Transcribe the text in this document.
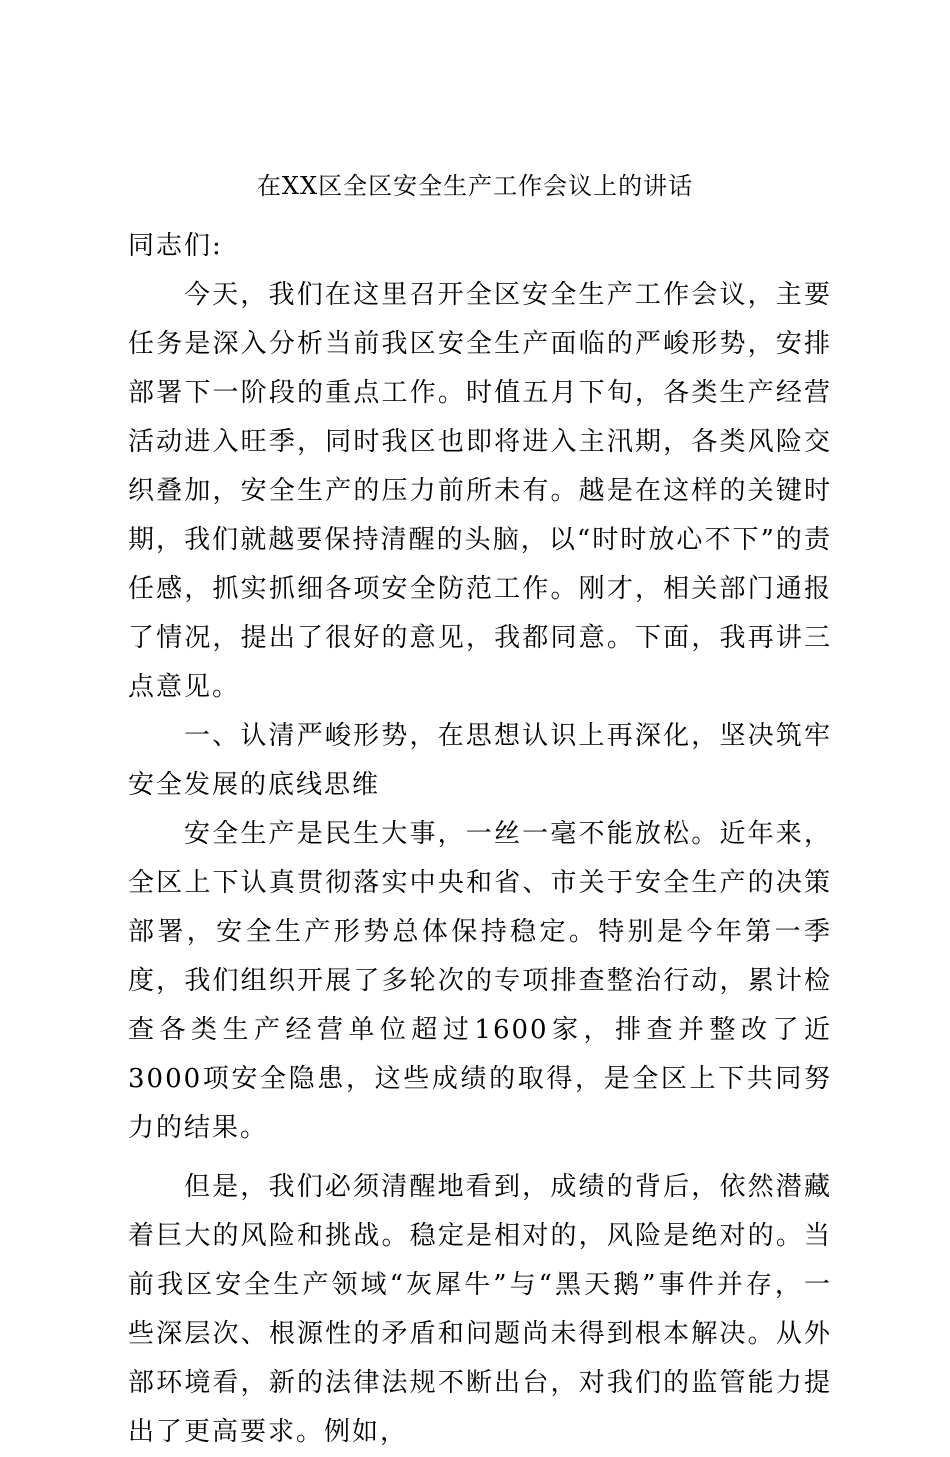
在XX区全区安全生产工作会议上的讲话

同志们:

今天，我们在这里召开全区安全生产工作会议，主要任务是深入分析当前我区安全生产面临的严峻形势，安排部署下一阶段的重点工作。时值五月下旬，各类生产经营活动进入旺季，同时我区也即将进入主汛期，各类风险交织叠加，安全生产的压力前所未有。越是在这样的关键时期，我们就越要保持清醒的头脑，以“时时放心不下”的责任感，抓实抓细各项安全防范工作。刚才，相关部门通报了情况，提出了很好的意见，我都同意。下面，我再讲三点意见。

一、认清严峻形势，在思想认识上再深化，坚决筑牢安全发展的底线思维

安全生产是民生大事，一丝一毫不能放松。近年来，全区上下认真贯彻落实中央和省、市关于安全生产的决策部署，安全生产形势总体保持稳定。特别是今年第一季度，我们组织开展了多轮次的专项排查整治行动，累计检查各类生产经营单位超过1600家，排查并整改了近3000项安全隐患，这些成绩的取得，是全区上下共同努力的结果。

但是，我们必须清醒地看到，成绩的背后，依然潜藏着巨大的风险和挑战。稳定是相对的，风险是绝对的。当前我区安全生产领域“灰犀牛”与“黑天鹅”事件并存，一些深层次、根源性的矛盾和问题尚未得到根本解决。从外部环境看，新的法律法规不断出台，对我们的监管能力提出了更高要求。例如，
